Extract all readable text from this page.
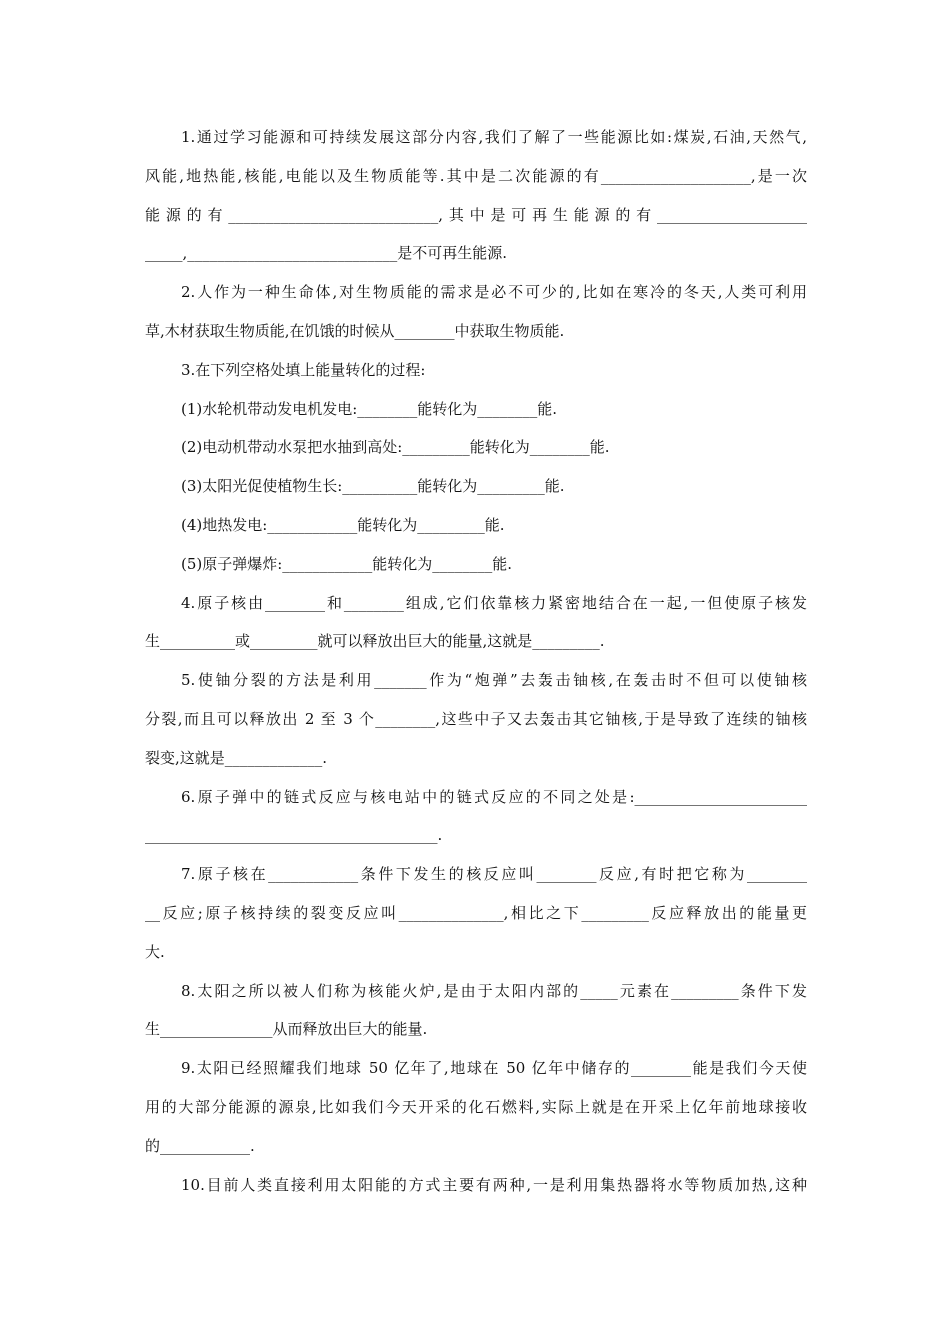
1.通过学习能源和可持续发展这部分内容,我们了解了一些能源比如:煤炭,石油,天然气,
风能,地热能,核能,电能以及生物质能等.其中是二次能源的有____________________,是一次
能源的有____________________________,其中是可再生能源的有____________________
_____,____________________________是不可再生能源.
2.人作为一种生命体,对生物质能的需求是必不可少的,比如在寒冷的冬天,人类可利用
草,木材获取生物质能,在饥饿的时候从________中获取生物质能.
3.在下列空格处填上能量转化的过程:
(1)水轮机带动发电机发电:________能转化为________能.
(2)电动机带动水泵把水抽到高处:_________能转化为________能.
(3)太阳光促使植物生长:__________能转化为_________能.
(4)地热发电:____________能转化为_________能.
(5)原子弹爆炸:____________能转化为________能.
4.原子核由________和________组成,它们依靠核力紧密地结合在一起,一但使原子核发
生__________或_________就可以释放出巨大的能量,这就是_________.
5.使铀分裂的方法是利用_______作为“炮弹”去轰击铀核,在轰击时不但可以使铀核
分裂,而且可以释放出 2 至 3 个________,这些中子又去轰击其它铀核,于是导致了连续的铀核
裂变,这就是_____________.
6.原子弹中的链式反应与核电站中的链式反应的不同之处是:_______________________
_______________________________________.
7.原子核在____________条件下发生的核反应叫________反应,有时把它称为________
__反应;原子核持续的裂变反应叫______________,相比之下_________反应释放出的能量更
大.
8.太阳之所以被人们称为核能火炉,是由于太阳内部的_____元素在_________条件下发
生_______________从而释放出巨大的能量.
9.太阳已经照耀我们地球 50 亿年了,地球在 50 亿年中储存的________能是我们今天使
用的大部分能源的源泉,比如我们今天开采的化石燃料,实际上就是在开采上亿年前地球接收
的____________.
10.目前人类直接利用太阳能的方式主要有两种,一是利用集热器将水等物质加热,这种
